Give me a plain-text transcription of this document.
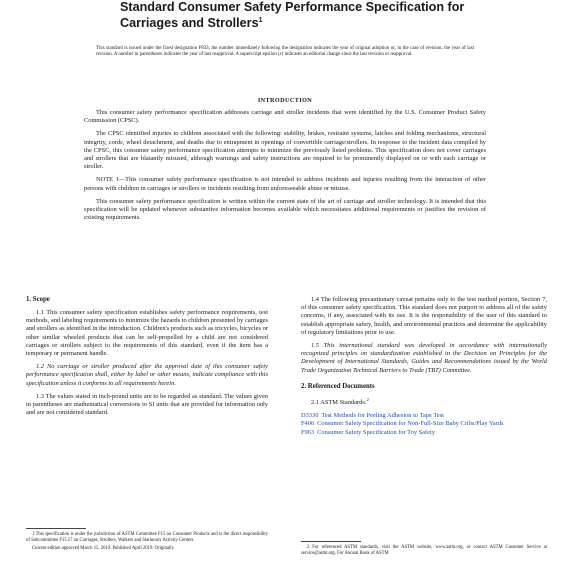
Standard Consumer Safety Performance Specification for Carriages and Strollers$^1$
This standard is issued under the fixed designation F833; the number immediately following the designation indicates the year of original adoption or, in the case of revision, the year of last revision. A number in parentheses indicates the year of last reapproval. A superscript epsilon (ε) indicates an editorial change since the last revision or reapproval.
INTRODUCTION

This consumer safety performance specification addresses carriage and stroller incidents that were identified by the U.S. Consumer Product Safety Commission (CPSC).

The CPSC identified injuries to children associated with the following: stability, brakes, restraint systems, latches and folding mechanisms, structural integrity, cords, wheel detachment, and deaths due to entrapment in openings of convertible carriage/strollers. In response to the incident data compiled by the CPSC, this consumer safety performance specification attempts to minimize the previously listed problems. This specification does not cover carriages and strollers that are blatantly misused, although warnings and safety instructions are required to be prominently displayed on or with each carriage or stroller.

NOTE 1—This consumer safety performance specification is not intended to address incidents and injuries resulting from the interaction of other persons with children in carriages or strollers or incidents resulting from unforeseeable abuse or misuse.

This consumer safety performance specification is written within the current state of the art of carriage and stroller technology. It is intended that this specification will be updated whenever substantive information becomes available which necessitates additional requirements or justifies the revision of existing requirements.

1. Scope

1.1 This consumer safety specification establishes safety performance requirements, test methods, and labeling requirements to minimize the hazards to children presented by carriages and strollers as identified in the introduction. Children's products such as tricycles, bicycles or other similar wheeled products that can be self-propelled by a child are not considered carriages or strollers subject to the requirements of this standard, even if the item has a temporary or permanent handle.

1.2 No carriage or stroller produced after the approval date of this consumer safety performance specification shall, either by label or other means, indicate compliance with this specification unless it conforms to all requirements herein.

1.3 The values stated in inch-pound units are to be regarded as standard. The values given in parentheses are mathematical conversions to SI units that are provided for information only and are not considered standard.

1.4 The following precautionary caveat pertains only to the test method portion, Section 7, of this consumer safety specification. This standard does not purport to address all of the safety concerns, if any, associated with its use. It is the responsibility of the user of this standard to establish appropriate safety, health, and environmental practices and determine the applicability of regulatory limitations prior to use.

1.5 This international standard was developed in accordance with internationally recognized principles on standardization established in the Decision on Principles for the Development of International Standards, Guides and Recommendations issued by the World Trade Organization Technical Barriers to Trade (TBT) Committee.

2. Referenced Documents

2.1 ASTM Standards:$^2$

D3330 Test Methods for Peeling Adhesion to Tape Test
F406 Consumer Safety Specification for Non-Full-Size Baby Cribs/Play Yards
F963 Consumer Safety Specification for Toy Safety

1 This specification is under the jurisdiction of ASTM Committee F15 on Consumer Products and is the direct responsibility of Subcommittee F15.17 on Carriages, Strollers, Walkers and Stationary Activity Centers.

Current edition approved March 15, 2019. Published April 2019. Originally	2 For referenced ASTM standards, visit the ASTM website, www.astm.org, or contact ASTM Customer Service at service@astm.org. For Annual Book of ASTM
